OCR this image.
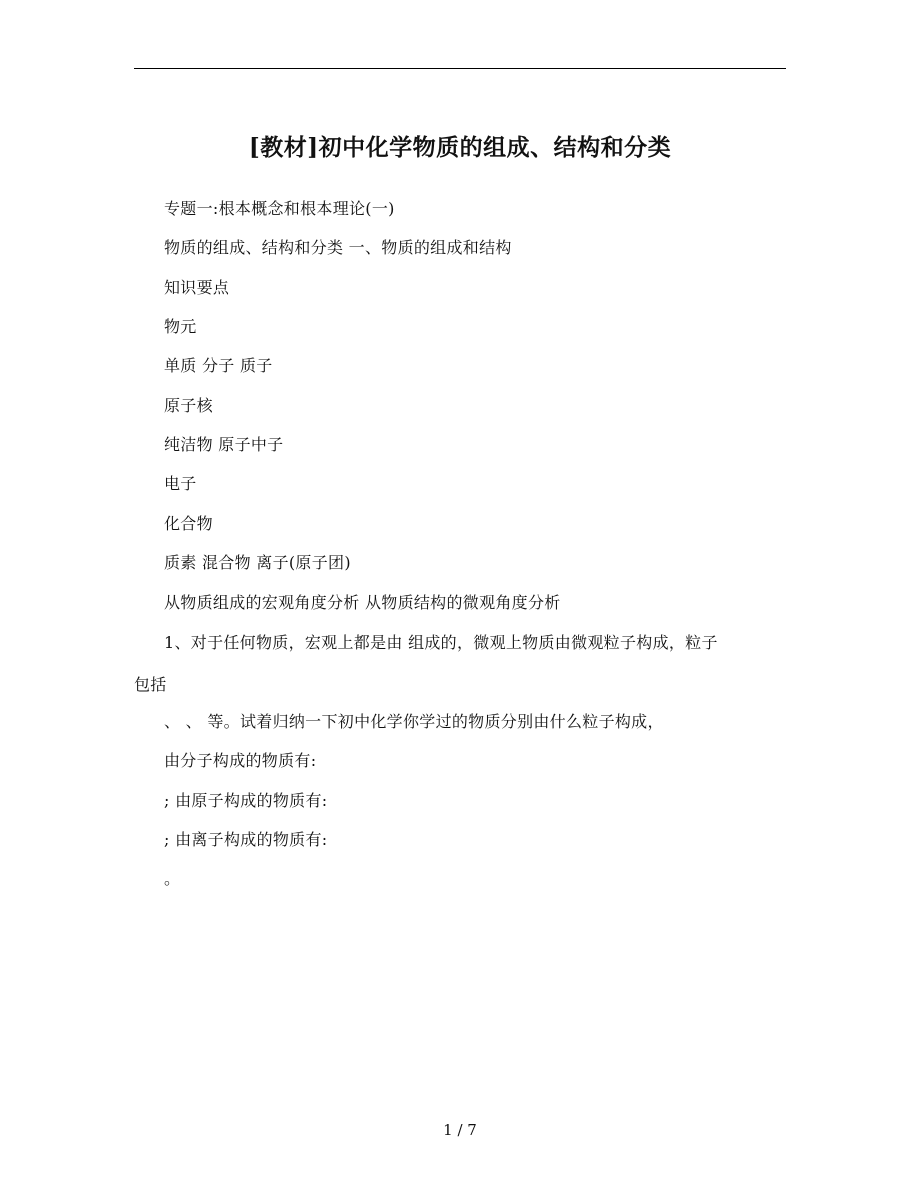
[教材]初中化学物质的组成、结构和分类
专题一:根本概念和根本理论(一)
物质的组成、结构和分类 一、物质的组成和结构
知识要点
物元
单质 分子 质子
原子核
纯洁物 原子中子
电子
化合物
质素 混合物 离子(原子团)
从物质组成的宏观角度分析 从物质结构的微观角度分析
1、对于任何物质，宏观上都是由 组成的，微观上物质由微观粒子构成，粒子
包括
、 、 等。试着归纳一下初中化学你学过的物质分别由什么粒子构成，
由分子构成的物质有:
; 由原子构成的物质有:
; 由离子构成的物质有:
。
1 / 7
